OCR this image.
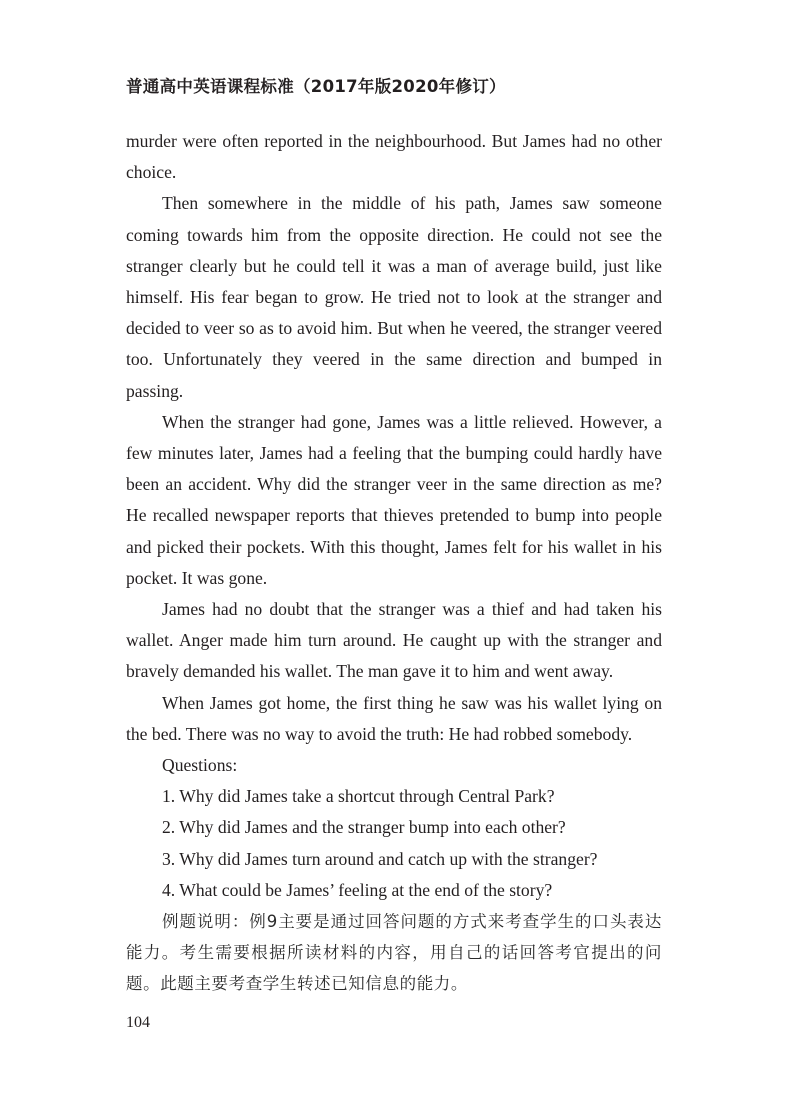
普通高中英语课程标准（2017年版2020年修订）

murder were often reported in the neighbourhood. But James had no other choice.

Then somewhere in the middle of his path, James saw someone coming towards him from the opposite direction. He could not see the stranger clearly but he could tell it was a man of average build, just like himself. His fear began to grow. He tried not to look at the stranger and decided to veer so as to avoid him. But when he veered, the stranger veered too. Unfortunately they veered in the same direction and bumped in passing.

When the stranger had gone, James was a little relieved. However, a few minutes later, James had a feeling that the bumping could hardly have been an accident. Why did the stranger veer in the same direction as me? He recalled newspaper reports that thieves pretended to bump into people and picked their pockets. With this thought, James felt for his wallet in his pocket. It was gone.

James had no doubt that the stranger was a thief and had taken his wallet. Anger made him turn around. He caught up with the stranger and bravely demanded his wallet. The man gave it to him and went away.

When James got home, the first thing he saw was his wallet lying on the bed. There was no way to avoid the truth: He had robbed somebody.

Questions:

1. Why did James take a shortcut through Central Park?

2. Why did James and the stranger bump into each other?

3. Why did James turn around and catch up with the stranger?

4. What could be James’ feeling at the end of the story?

例题说明：例9主要是通过回答问题的方式来考查学生的口头表达能力。考生需要根据所读材料的内容，用自己的话回答考官提出的问题。此题主要考查学生转述已知信息的能力。

104
